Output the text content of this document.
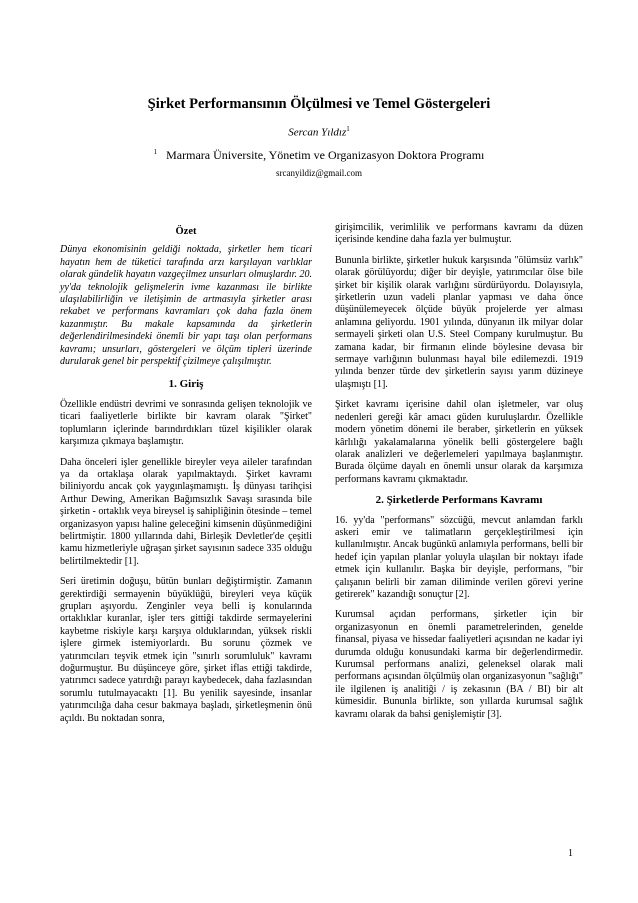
Şirket Performansının Ölçülmesi ve Temel Göstergeleri
Sercan Yıldız$^1$
$^1$ Marmara Üniversite, Yönetim ve Organizasyon Doktora Programı
srcanyildiz@gmail.com
Özet

Dünya ekonomisinin geldiği noktada, şirketler hem ticari hayatın hem de tüketici tarafında arzı karşılayan varlıklar olarak gündelik hayatın vazgeçilmez unsurları olmuşlardır. 20. yy'da teknolojik gelişmelerin ivme kazanması ile birlikte ulaşılabilirliğin ve iletişimin de artmasıyla şirketler arası rekabet ve performans kavramları çok daha fazla önem kazanmıştır. Bu makale kapsamında da şirketlerin değerlendirilmesindeki önemli bir yapı taşı olan performans kavramı; unsurları, göstergeleri ve ölçüm tipleri üzerinde durularak genel bir perspektif çizilmeye çalışılmıştır.

1. Giriş

Özellikle endüstri devrimi ve sonrasında gelişen teknolojik ve ticari faaliyetlerle birlikte bir kavram olarak "Şirket" toplumların içlerinde barındırdıkları tüzel kişilikler olarak karşımıza çıkmaya başlamıştır.

Daha önceleri işler genellikle bireyler veya aileler tarafından ya da ortaklaşa olarak yapılmaktaydı. Şirket kavramı biliniyordu ancak çok yaygınlaşmamıştı. İş dünyası tarihçisi Arthur Dewing, Amerikan Bağımsızlık Savaşı sırasında bile şirketin - ortaklık veya bireysel iş sahipliğinin ötesinde – temel organizasyon yapısı haline geleceğini kimsenin düşünmediğini belirtmiştir. 1800 yıllarında dahi, Birleşik Devletler'de çeşitli kamu hizmetleriyle uğraşan şirket sayısının sadece 335 olduğu belirtilmektedir [1].

Seri üretimin doğuşu, bütün bunları değiştirmiştir. Zamanın gerektirdiği sermayenin büyüklüğü, bireyleri veya küçük grupları aşıyordu. Zenginler veya belli iş konularında ortaklıklar kuranlar, işler ters gittiği takdirde sermayelerini kaybetme riskiyle karşı karşıya olduklarından, yüksek riskli işlere girmek istemiyorlardı. Bu sorunu çözmek ve yatırımcıları teşvik etmek için "sınırlı sorumluluk" kavramı doğurmuştur. Bu düşünceye göre, şirket iflas ettiği takdirde, yatırımcı sadece yatırdığı parayı kaybedecek, daha fazlasından sorumlu tutulmayacaktı [1]. Bu yenilik sayesinde, insanlar yatırımcılığa daha cesur bakmaya başladı, şirketleşmenin önü açıldı. Bu noktadan sonra,

girişimcilik, verimlilik ve performans kavramı da düzen içerisinde kendine daha fazla yer bulmuştur.

Bununla birlikte, şirketler hukuk karşısında "ölümsüz varlık" olarak görülüyordu; diğer bir deyişle, yatırımcılar ölse bile şirket bir kişilik olarak varlığını sürdürüyordu. Dolayısıyla, şirketlerin uzun vadeli planlar yapması ve daha önce düşünülemeyecek ölçüde büyük projelerde yer alması anlamına geliyordu. 1901 yılında, dünyanın ilk milyar dolar sermayeli şirketi olan U.S. Steel Company kurulmuştur. Bu zamana kadar, bir firmanın elinde böylesine devasa bir sermaye varlığının bulunması hayal bile edilemezdi. 1919 yılında benzer türde dev şirketlerin sayısı yarım düzineye ulaşmıştı [1].

Şirket kavramı içerisine dahil olan işletmeler, var oluş nedenleri gereği kâr amacı güden kuruluşlardır. Özellikle modern yönetim dönemi ile beraber, şirketlerin en yüksek kârlılığı yakalamalarına yönelik belli göstergelere bağlı olarak analizleri ve değerlemeleri yapılmaya başlanmıştır. Burada ölçüme dayalı en önemli unsur olarak da karşımıza performans kavramı çıkmaktadır.

2. Şirketlerde Performans Kavramı

16. yy'da "performans" sözcüğü, mevcut anlamdan farklı askeri emir ve talimatların gerçekleştirilmesi için kullanılmıştır. Ancak bugünkü anlamıyla performans, belli bir hedef için yapılan planlar yoluyla ulaşılan bir noktayı ifade etmek için kullanılır. Başka bir deyişle, performans, "bir çalışanın belirli bir zaman diliminde verilen görevi yerine getirerek" kazandığı sonuçtur [2].

Kurumsal açıdan performans, şirketler için bir organizasyonun en önemli parametrelerinden, genelde finansal, piyasa ve hissedar faaliyetleri açısından ne kadar iyi durumda olduğu konusundaki karma bir değerlendirmedir. Kurumsal performans analizi, geleneksel olarak mali performans açısından ölçülmüş olan organizasyonun "sağlığı" ile ilgilenen iş analitiği / iş zekasının (BA / BI) bir alt kümesidir. Bununla birlikte, son yıllarda kurumsal sağlık kavramı olarak da bahsi genişlemiştir [3].

1
